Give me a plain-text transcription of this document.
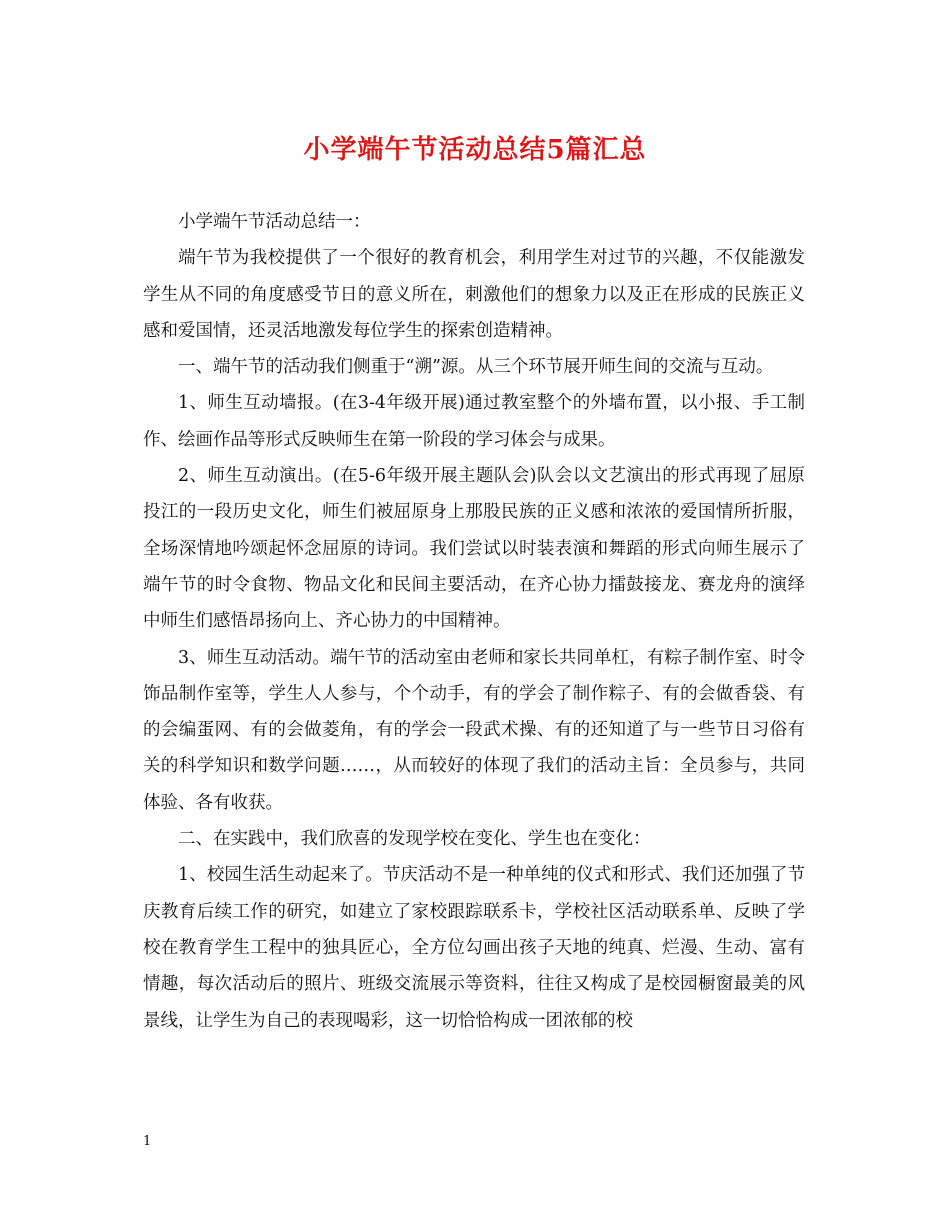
小学端午节活动总结5篇汇总

小学端午节活动总结一：

端午节为我校提供了一个很好的教育机会，利用学生对过节的兴趣，不仅能激发学生从不同的角度感受节日的意义所在，刺激他们的想象力以及正在形成的民族正义感和爱国情，还灵活地激发每位学生的探索创造精神。

一、端午节的活动我们侧重于“溯”源。从三个环节展开师生间的交流与互动。

1、师生互动墙报。(在3-4年级开展)通过教室整个的外墙布置，以小报、手工制作、绘画作品等形式反映师生在第一阶段的学习体会与成果。

2、师生互动演出。(在5-6年级开展主题队会)队会以文艺演出的形式再现了屈原投江的一段历史文化，师生们被屈原身上那股民族的正义感和浓浓的爱国情所折服，全场深情地吟颂起怀念屈原的诗词。我们尝试以时装表演和舞蹈的形式向师生展示了端午节的时令食物、物品文化和民间主要活动，在齐心协力擂鼓接龙、赛龙舟的演绎中师生们感悟昂扬向上、齐心协力的中国精神。

3、师生互动活动。端午节的活动室由老师和家长共同单杠，有粽子制作室、时令饰品制作室等，学生人人参与，个个动手，有的学会了制作粽子、有的会做香袋、有的会编蛋网、有的会做菱角，有的学会一段武术操、有的还知道了与一些节日习俗有关的科学知识和数学问题……，从而较好的体现了我们的活动主旨：全员参与，共同体验、各有收获。

二、在实践中，我们欣喜的发现学校在变化、学生也在变化：

1、校园生活生动起来了。节庆活动不是一种单纯的仪式和形式、我们还加强了节庆教育后续工作的研究，如建立了家校跟踪联系卡，学校社区活动联系单、反映了学校在教育学生工程中的独具匠心，全方位勾画出孩子天地的纯真、烂漫、生动、富有情趣，每次活动后的照片、班级交流展示等资料，往往又构成了是校园橱窗最美的风景线，让学生为自己的表现喝彩，这一切恰恰构成一团浓郁的校

1
